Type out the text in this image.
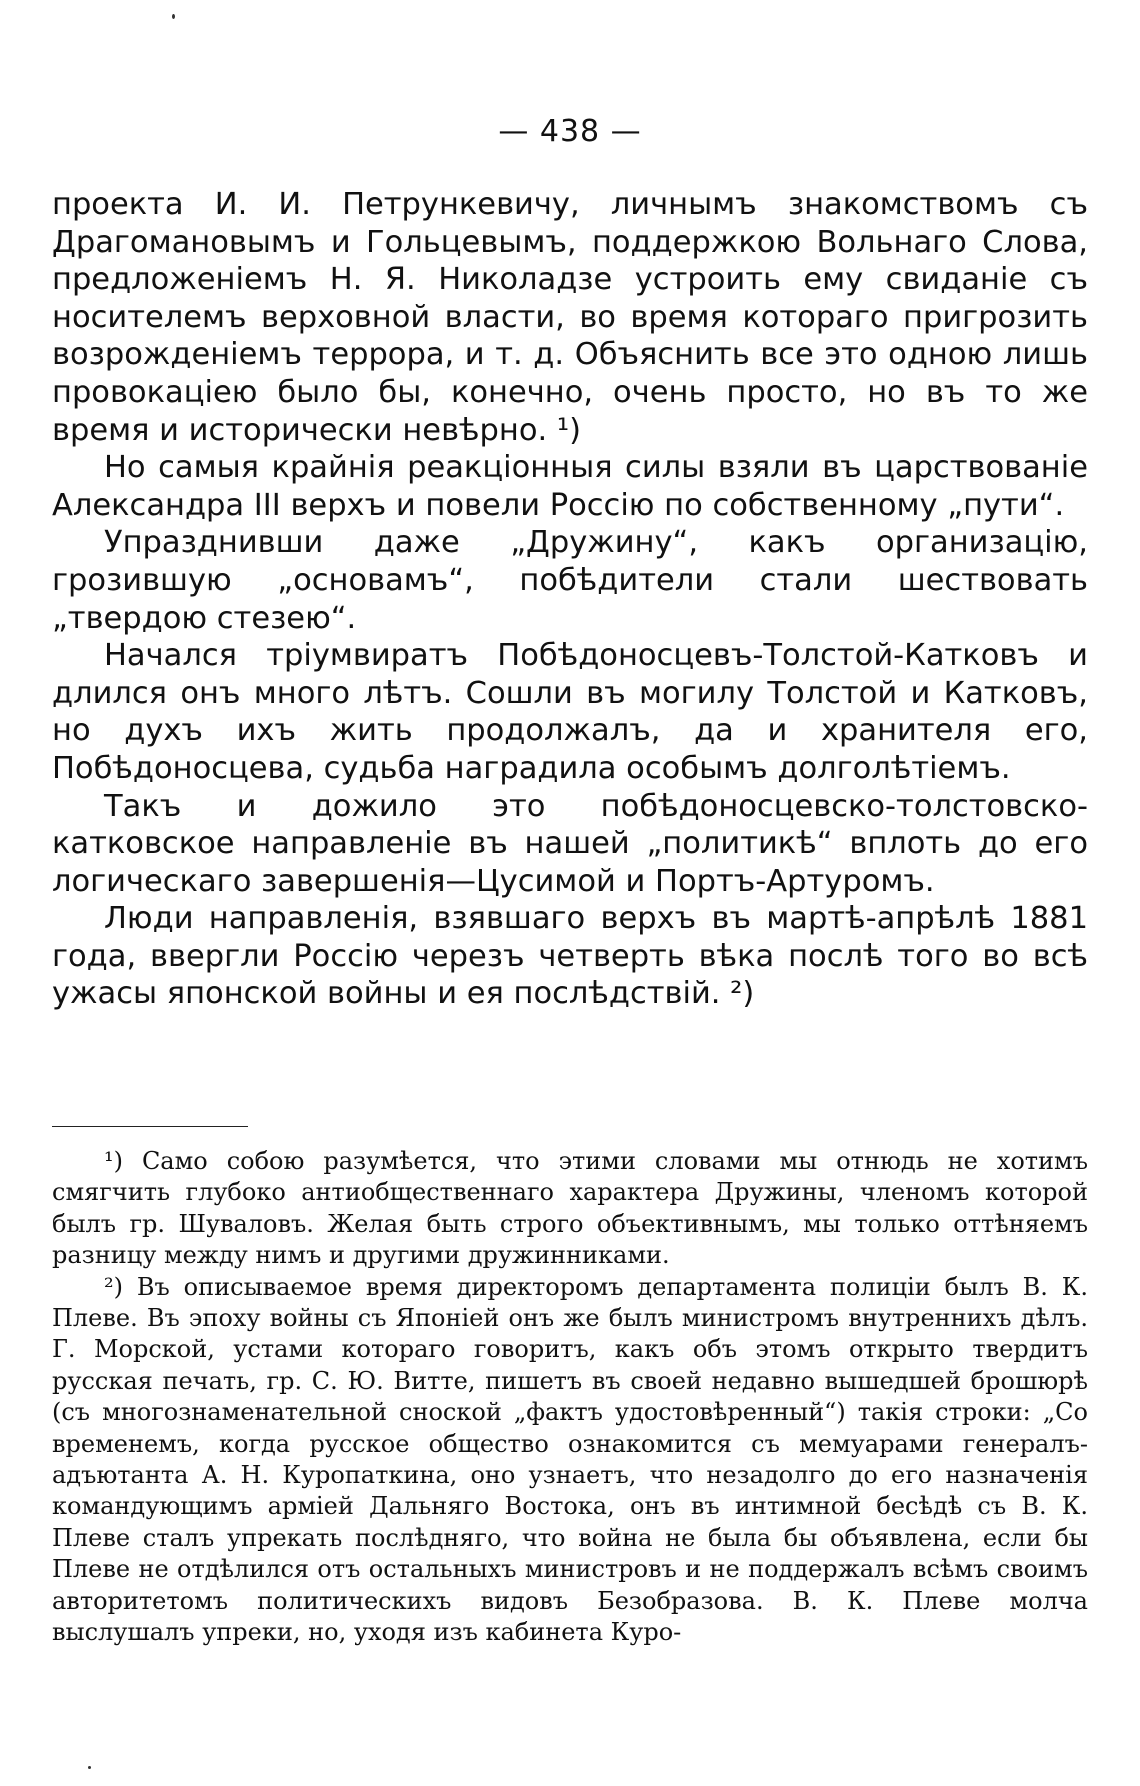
— 438 —

проекта И. И. Петрункевичу, личнымъ знакомствомъ съ Драгомановымъ и Гольцевымъ, поддержкою Вольнаго Слова, предложеніемъ Н. Я. Николадзе устроить ему свиданіе съ носителемъ верховной власти, во время котораго пригрозить возрожденіемъ террора, и т. д. Объяснить все это одною лишь провокаціею было бы, конечно, очень просто, но въ то же время и исторически невѣрно. ¹)

Но самыя крайнія реакціонныя силы взяли въ царствованіе Александра III верхъ и повели Россію по собственному „пути“.

Упразднивши даже „Дружину“, какъ организацію, грозившую „основамъ“, побѣдители стали шествовать „твердою стезею“.

Начался тріумвиратъ Побѣдоносцевъ-Толстой-Катковъ и длился онъ много лѣтъ. Сошли въ могилу Толстой и Катковъ, но духъ ихъ жить продолжалъ, да и хранителя его, Побѣдоносцева, судьба наградила особымъ долголѣтіемъ.

Такъ и дожило это побѣдоносцевско-толстовско-катковское направленіе въ нашей „политикѣ“ вплоть до его логическаго завершенія—Цусимой и Портъ-Артуромъ.

Люди направленія, взявшаго верхъ въ мартѣ-апрѣлѣ 1881 года, ввергли Россію черезъ четверть вѣка послѣ того во всѣ ужасы японской войны и ея послѣдствій. ²)

¹) Само собою разумѣется, что этими словами мы отнюдь не хотимъ смягчить глубоко антиобщественнаго характера Дружины, членомъ которой былъ гр. Шуваловъ. Желая быть строго объективнымъ, мы только оттѣняемъ разницу между нимъ и другими дружинниками.

²) Въ описываемое время директоромъ департамента полиціи былъ В. К. Плеве. Въ эпоху войны съ Японіей онъ же былъ министромъ внутреннихъ дѣлъ. Г. Морской, устами котораго говоритъ, какъ объ этомъ открыто твердитъ русская печать, гр. С. Ю. Витте, пишетъ въ своей недавно вышедшей брошюрѣ (съ многознаменательной сноской „фактъ удостовѣренный“) такія строки: „Со временемъ, когда русское общество ознакомится съ мемуарами генералъ-адъютанта А. Н. Куропаткина, оно узнаетъ, что незадолго до его назначенія командующимъ арміей Дальняго Востока, онъ въ интимной бесѣдѣ съ В. К. Плеве сталъ упрекать послѣдняго, что война не была бы объявлена, если бы Плеве не отдѣлился отъ остальныхъ министровъ и не поддержалъ всѣмъ своимъ авторитетомъ политическихъ видовъ Безобразова. В. К. Плеве молча выслушалъ упреки, но, уходя изъ кабинета Куро-
